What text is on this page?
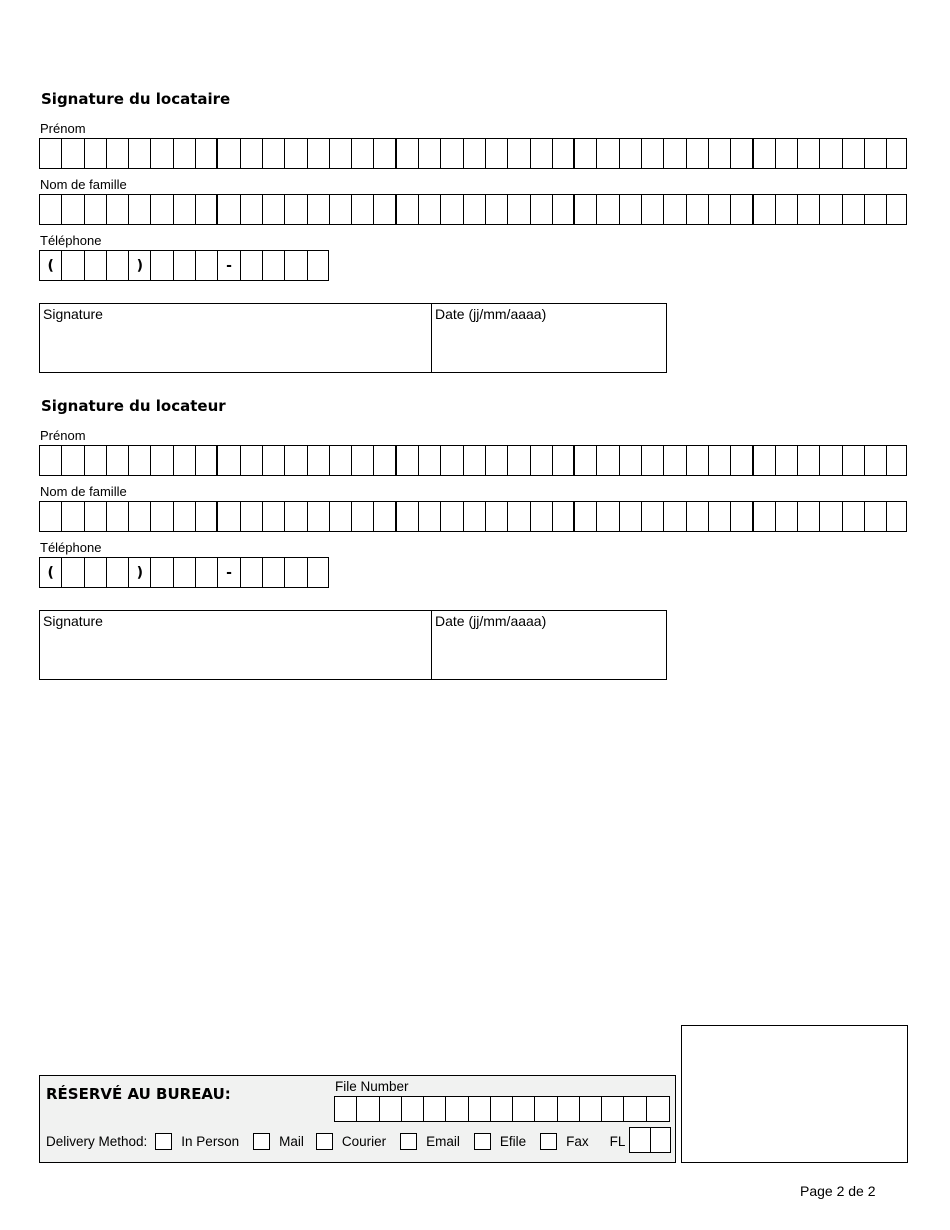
Signature du locataire
Prénom
Nom de famille
Téléphone
(	)	-
Signature	Date (jj/mm/aaaa)
Signature du locateur
Prénom
Nom de famille
Téléphone
(	)	-
Signature	Date (jj/mm/aaaa)
RÉSERVÉ AU BUREAU:	File Number
Delivery Method:	In Person	Mail	Courier	Email	Efile	Fax FL
Page 2 de 2
